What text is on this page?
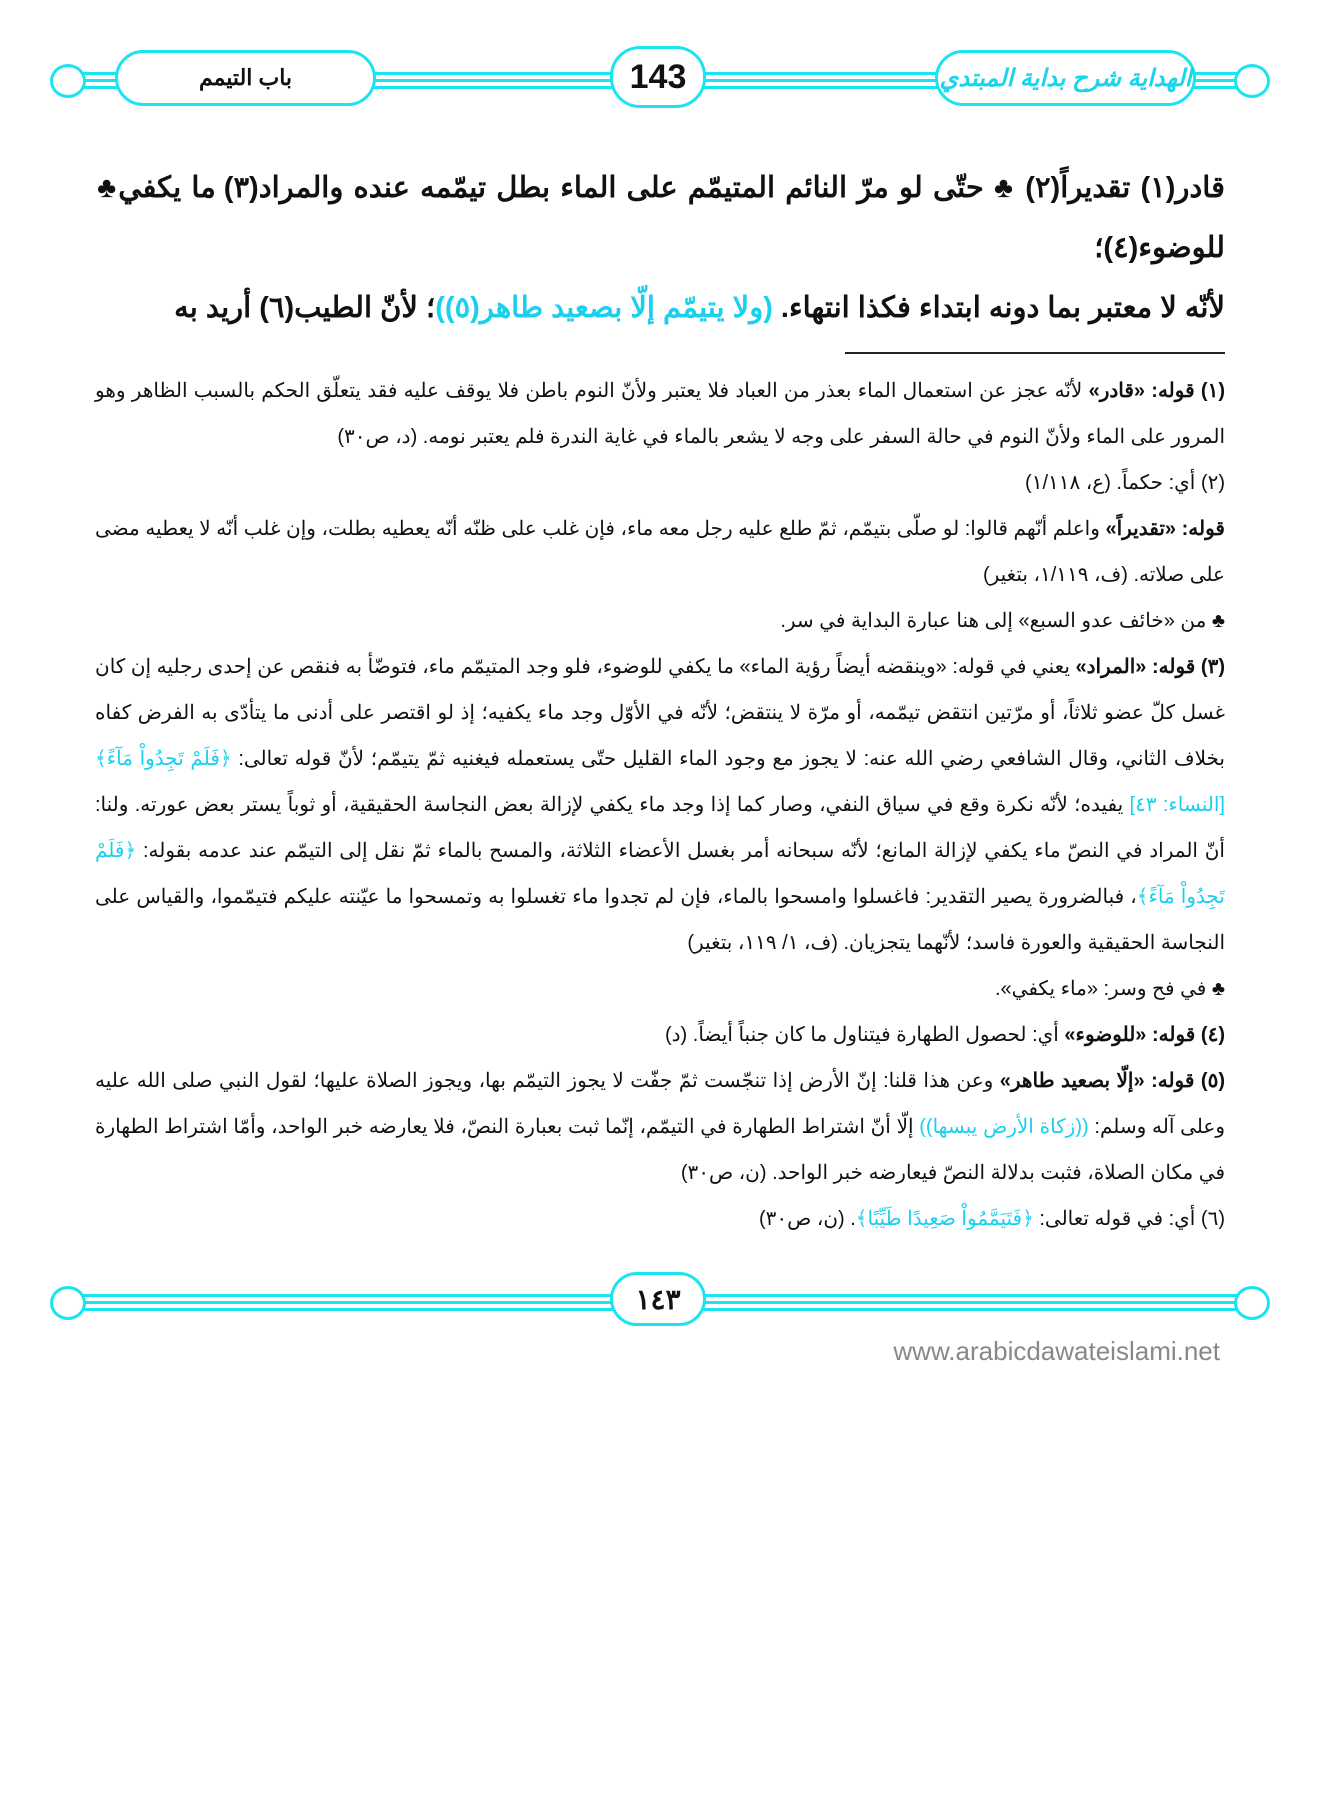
باب التيمم	143	الهداية شرح بداية المبتدي

قادر(١) تقديراً(٢) ♣ حتّى لو مرّ النائم المتيمّم على الماء بطل تيمّمه عنده والمراد(٣) ما يكفي♣ للوضوء(٤)؛

لأنّه لا معتبر بما دونه ابتداء فكذا انتهاء. (ولا يتيمّم إلّا بصعيد طاهر(٥))؛ لأنّ الطيب(٦) أريد به

(١) قوله: «قادر» لأنّه عجز عن استعمال الماء بعذر من العباد فلا يعتبر ولأنّ النوم باطن فلا يوقف عليه فقد يتعلّق الحكم بالسبب الظاهر وهو المرور على الماء ولأنّ النوم في حالة السفر على وجه لا يشعر بالماء في غاية الندرة فلم يعتبر نومه. (د، ص٣٠)

(٢) أي: حكماً. (ع، ١/١١٨)

قوله: «تقديراً» واعلم أنّهم قالوا: لو صلّى بتيمّم، ثمّ طلع عليه رجل معه ماء، فإن غلب على ظنّه أنّه يعطيه بطلت، وإن غلب أنّه لا يعطيه مضى على صلاته. (ف، ١/١١٩، بتغير)

♣ من «خائف عدو السبع» إلى هنا عبارة البداية في سر.

(٣) قوله: «المراد» يعني في قوله: «وينقضه أيضاً رؤية الماء» ما يكفي للوضوء، فلو وجد المتيمّم ماء، فتوضّأ به فنقص عن إحدى رجليه إن كان غسل كلّ عضو ثلاثاً، أو مرّتين انتقض تيمّمه، أو مرّة لا ينتقض؛ لأنّه في الأوّل وجد ماء يكفيه؛ إذ لو اقتصر على أدنى ما يتأدّى به الفرض كفاه بخلاف الثاني، وقال الشافعي رضي الله عنه: لا يجوز مع وجود الماء القليل حتّى يستعمله فيغنيه ثمّ يتيمّم؛ لأنّ قوله تعالى: ﴿فَلَمْ تَجِدُواْ مَآءً﴾ [النساء: ٤٣] يفيده؛ لأنّه نكرة وقع في سياق النفي، وصار كما إذا وجد ماء يكفي لإزالة بعض النجاسة الحقيقية، أو ثوباً يستر بعض عورته. ولنا: أنّ المراد في النصّ ماء يكفي لإزالة المانع؛ لأنّه سبحانه أمر بغسل الأعضاء الثلاثة، والمسح بالماء ثمّ نقل إلى التيمّم عند عدمه بقوله: ﴿فَلَمْ تَجِدُواْ مَآءً﴾، فبالضرورة يصير التقدير: فاغسلوا وامسحوا بالماء، فإن لم تجدوا ماء تغسلوا به وتمسحوا ما عيّنته عليكم فتيمّموا، والقياس على النجاسة الحقيقية والعورة فاسد؛ لأنّهما يتجزيان. (ف، ١/ ١١٩، بتغير)

♣ في فح وسر: «ماء يكفي».

(٤) قوله: «للوضوء» أي: لحصول الطهارة فيتناول ما كان جنباً أيضاً. (د)

(٥) قوله: «إلّا بصعيد طاهر» وعن هذا قلنا: إنّ الأرض إذا تنجّست ثمّ جفّت لا يجوز التيمّم بها، ويجوز الصلاة عليها؛ لقول النبي صلى الله عليه وعلى آله وسلم: ((زكاة الأرض يبسها)) إلّا أنّ اشتراط الطهارة في التيمّم، إنّما ثبت بعبارة النصّ، فلا يعارضه خبر الواحد، وأمّا اشتراط الطهارة في مكان الصلاة، فثبت بدلالة النصّ فيعارضه خبر الواحد. (ن، ص٣٠)

(٦) أي: في قوله تعالى: ﴿فَتَيَمَّمُواْ صَعِيدًا طَيِّبًا﴾. (ن، ص٣٠)

١٤٣
www.arabicdawateislami.net
